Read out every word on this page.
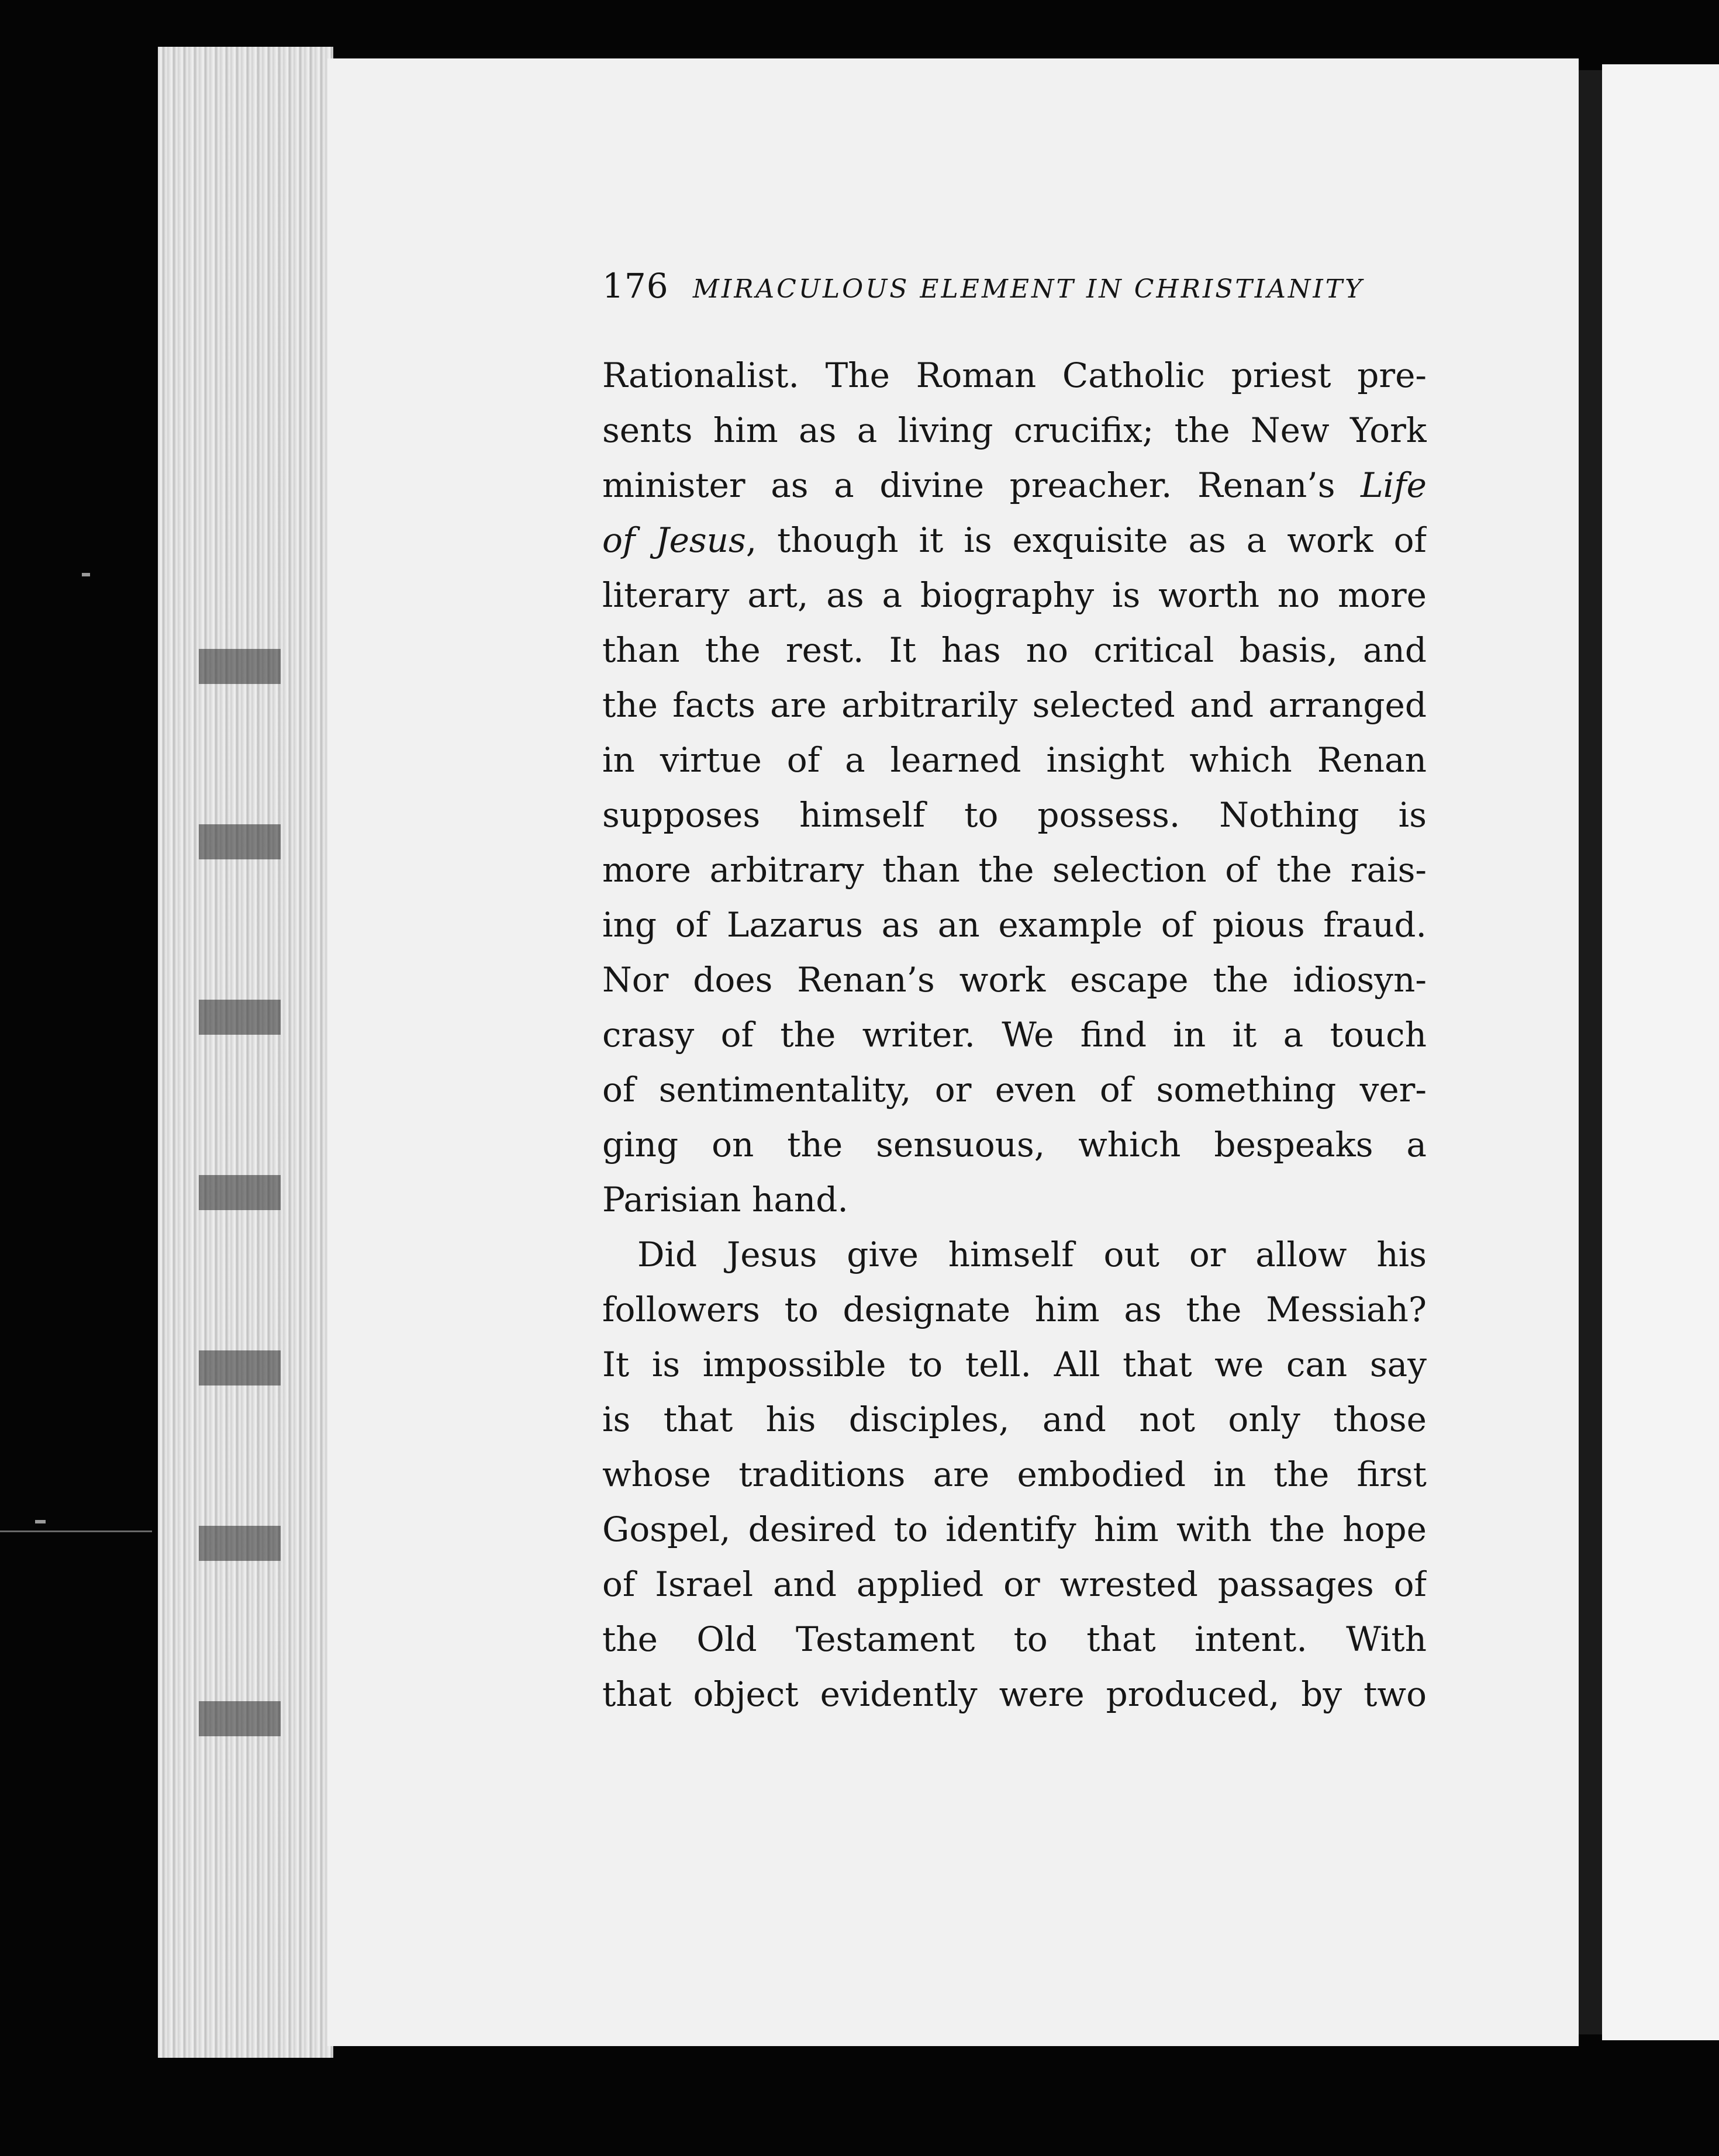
176 MIRACULOUS ELEMENT IN CHRISTIANITY
Rationalist. The Roman Catholic priest pre-
sents him as a living crucifix; the New York
minister as a divine preacher. Renan’s Life
of Jesus, though it is exquisite as a work of
literary art, as a biography is worth no more
than the rest. It has no critical basis, and
the facts are arbitrarily selected and arranged
in virtue of a learned insight which Renan
supposes himself to possess. Nothing is
more arbitrary than the selection of the rais-
ing of Lazarus as an example of pious fraud.
Nor does Renan’s work escape the idiosyn-
crasy of the writer. We find in it a touch
of sentimentality, or even of something ver-
ging on the sensuous, which bespeaks a
Parisian hand.
Did Jesus give himself out or allow his
followers to designate him as the Messiah?
It is impossible to tell. All that we can say
is that his disciples, and not only those
whose traditions are embodied in the first
Gospel, desired to identify him with the hope
of Israel and applied or wrested passages of
the Old Testament to that intent. With
that object evidently were produced, by two
